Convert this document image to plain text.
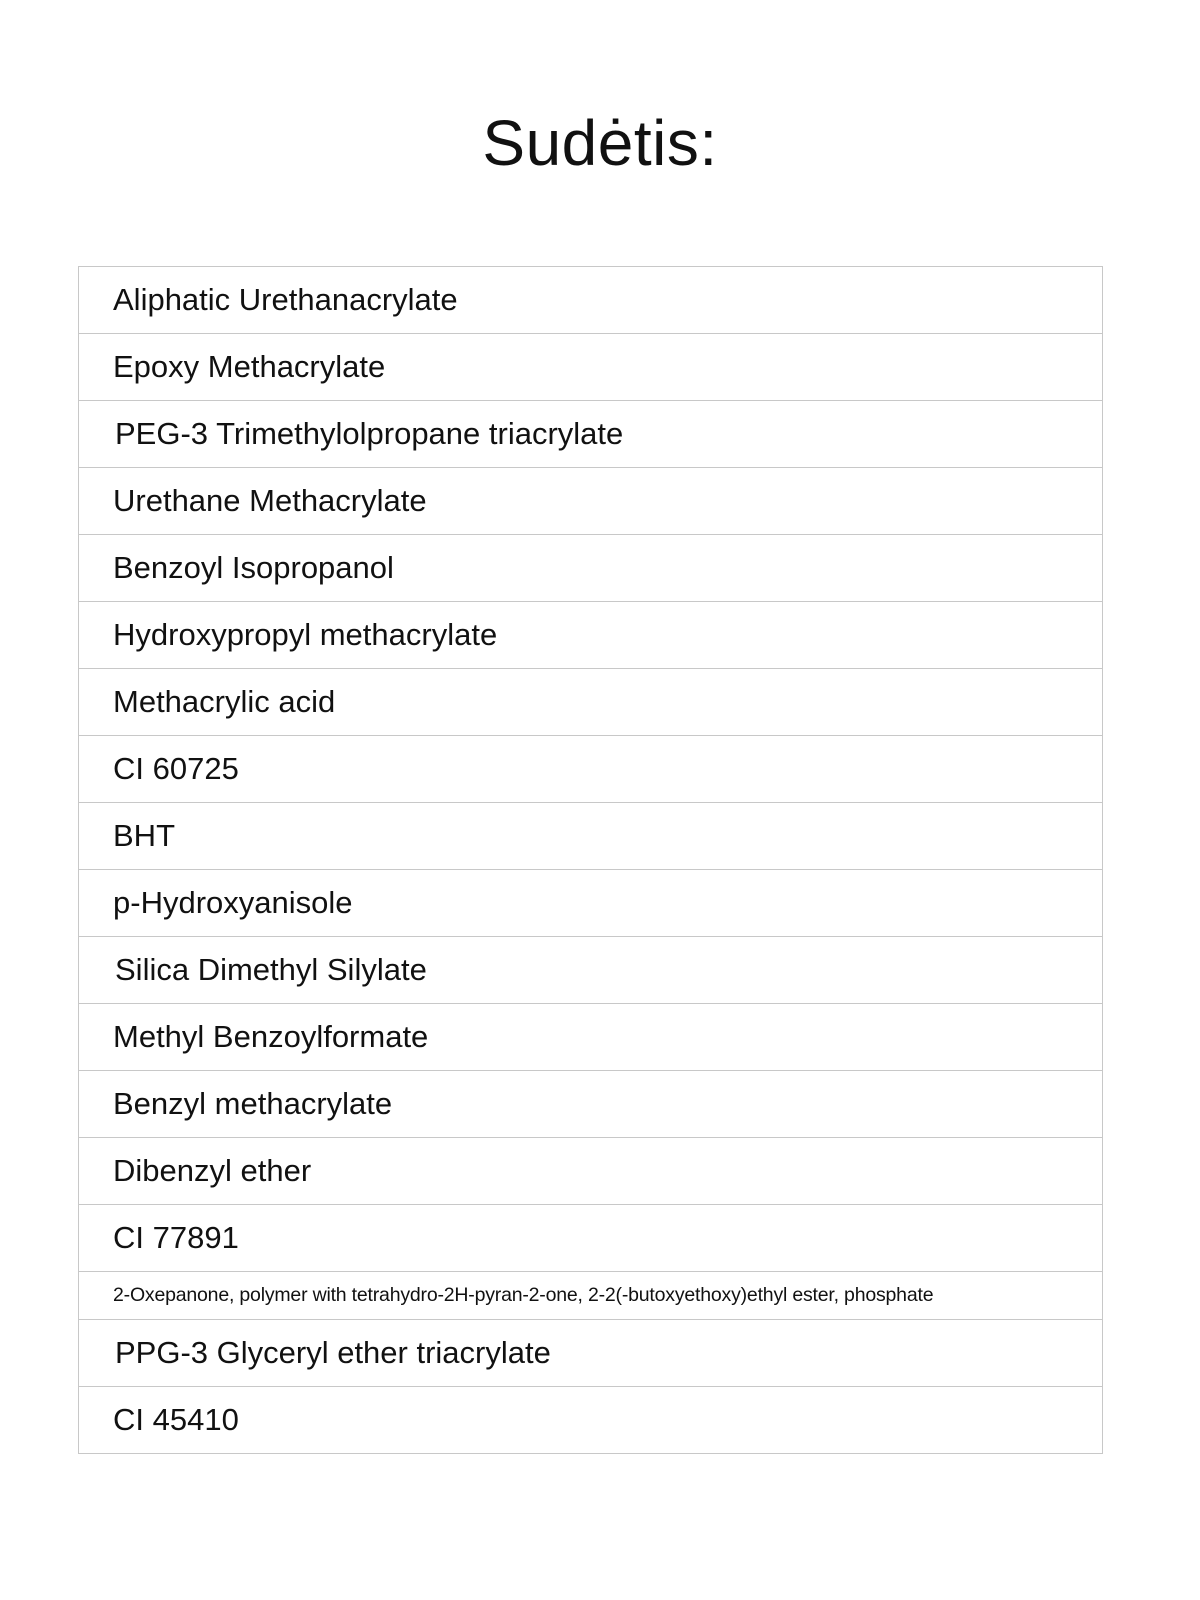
Sudėtis:
Aliphatic Urethanacrylate
Epoxy Methacrylate
PEG-3 Trimethylolpropane triacrylate
Urethane Methacrylate
Benzoyl Isopropanol
Hydroxypropyl methacrylate
Methacrylic acid
CI 60725
BHT
p-Hydroxyanisole
Silica Dimethyl Silylate
Methyl Benzoylformate
Benzyl methacrylate
Dibenzyl ether
CI 77891
2-Oxepanone, polymer with tetrahydro-2H-pyran-2-one, 2-2(-butoxyethoxy)ethyl ester, phosphate
PPG-3 Glyceryl ether triacrylate
CI 45410
